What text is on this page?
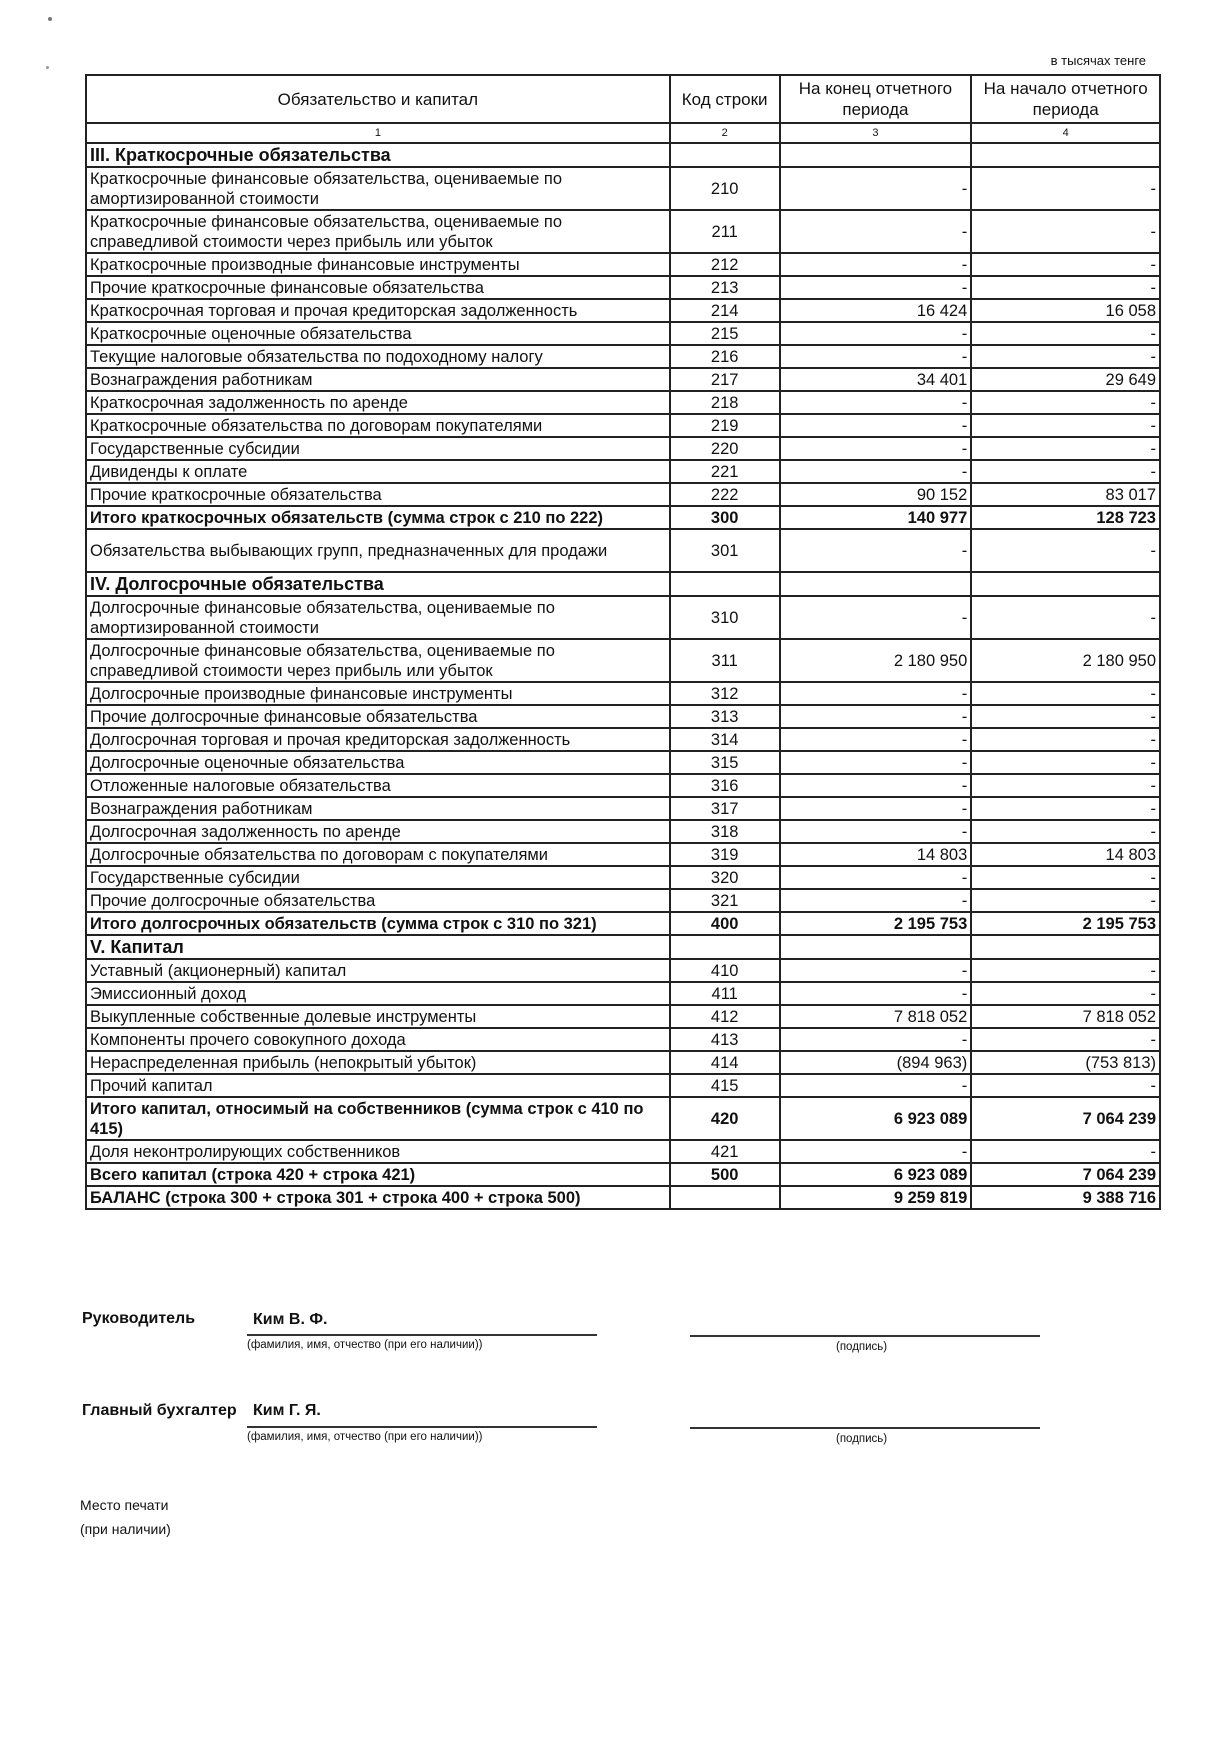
в тысячах тенге
Обязательство и капитал	Код строки	На конец отчетного периода	На начало отчетного периода
1	2	3	4
III. Краткосрочные обязательства			
Краткосрочные финансовые обязательства, оцениваемые по амортизированной стоимости	210	-	-
Краткосрочные финансовые обязательства, оцениваемые по справедливой стоимости через прибыль или убыток	211	-	-
Краткосрочные производные финансовые инструменты	212	-	-
Прочие краткосрочные финансовые обязательства	213	-	-
Краткосрочная торговая и прочая кредиторская задолженность	214	16 424	16 058
Краткосрочные оценочные обязательства	215	-	-
Текущие налоговые обязательства по подоходному налогу	216	-	-
Вознаграждения работникам	217	34 401	29 649
Краткосрочная задолженность по аренде	218	-	-
Краткосрочные обязательства по договорам покупателями	219	-	-
Государственные субсидии	220	-	-
Дивиденды к оплате	221	-	-
Прочие краткосрочные обязательства	222	90 152	83 017
Итого краткосрочных обязательств (сумма строк с 210 по 222)	300	140 977	128 723
Обязательства выбывающих групп, предназначенных для продажи	301	-	-
IV. Долгосрочные обязательства			
Долгосрочные финансовые обязательства, оцениваемые по амортизированной стоимости	310	-	-
Долгосрочные финансовые обязательства, оцениваемые по справедливой стоимости через прибыль или убыток	311	2 180 950	2 180 950
Долгосрочные производные финансовые инструменты	312	-	-
Прочие долгосрочные финансовые обязательства	313	-	-
Долгосрочная торговая и прочая кредиторская задолженность	314	-	-
Долгосрочные оценочные обязательства	315	-	-
Отложенные налоговые обязательства	316	-	-
Вознаграждения работникам	317	-	-
Долгосрочная задолженность по аренде	318	-	-
Долгосрочные обязательства по договорам с покупателями	319	14 803	14 803
Государственные субсидии	320	-	-
Прочие долгосрочные обязательства	321	-	-
Итого долгосрочных обязательств (сумма строк с 310 по 321)	400	2 195 753	2 195 753
V. Капитал			
Уставный (акционерный) капитал	410	-	-
Эмиссионный доход	411	-	-
Выкупленные собственные долевые инструменты	412	7 818 052	7 818 052
Компоненты прочего совокупного дохода	413	-	-
Нераспределенная прибыль (непокрытый убыток)	414	(894 963)	(753 813)
Прочий капитал	415	-	-
Итого капитал, относимый на собственников (сумма строк с 410 по 415)	420	6 923 089	7 064 239
Доля неконтролирующих собственников	421	-	-
Всего капитал (строка 420 + строка 421)	500	6 923 089	7 064 239
БАЛАНС (строка 300 + строка 301 + строка 400 + строка 500)		9 259 819	9 388 716
Руководитель	Ким В. Ф.
(фамилия, имя, отчество (при его наличии))	(подпись)
Главный бухгалтер Ким Г. Я.
(фамилия, имя, отчество (при его наличии))	(подпись)
Место печати
(при наличии)
